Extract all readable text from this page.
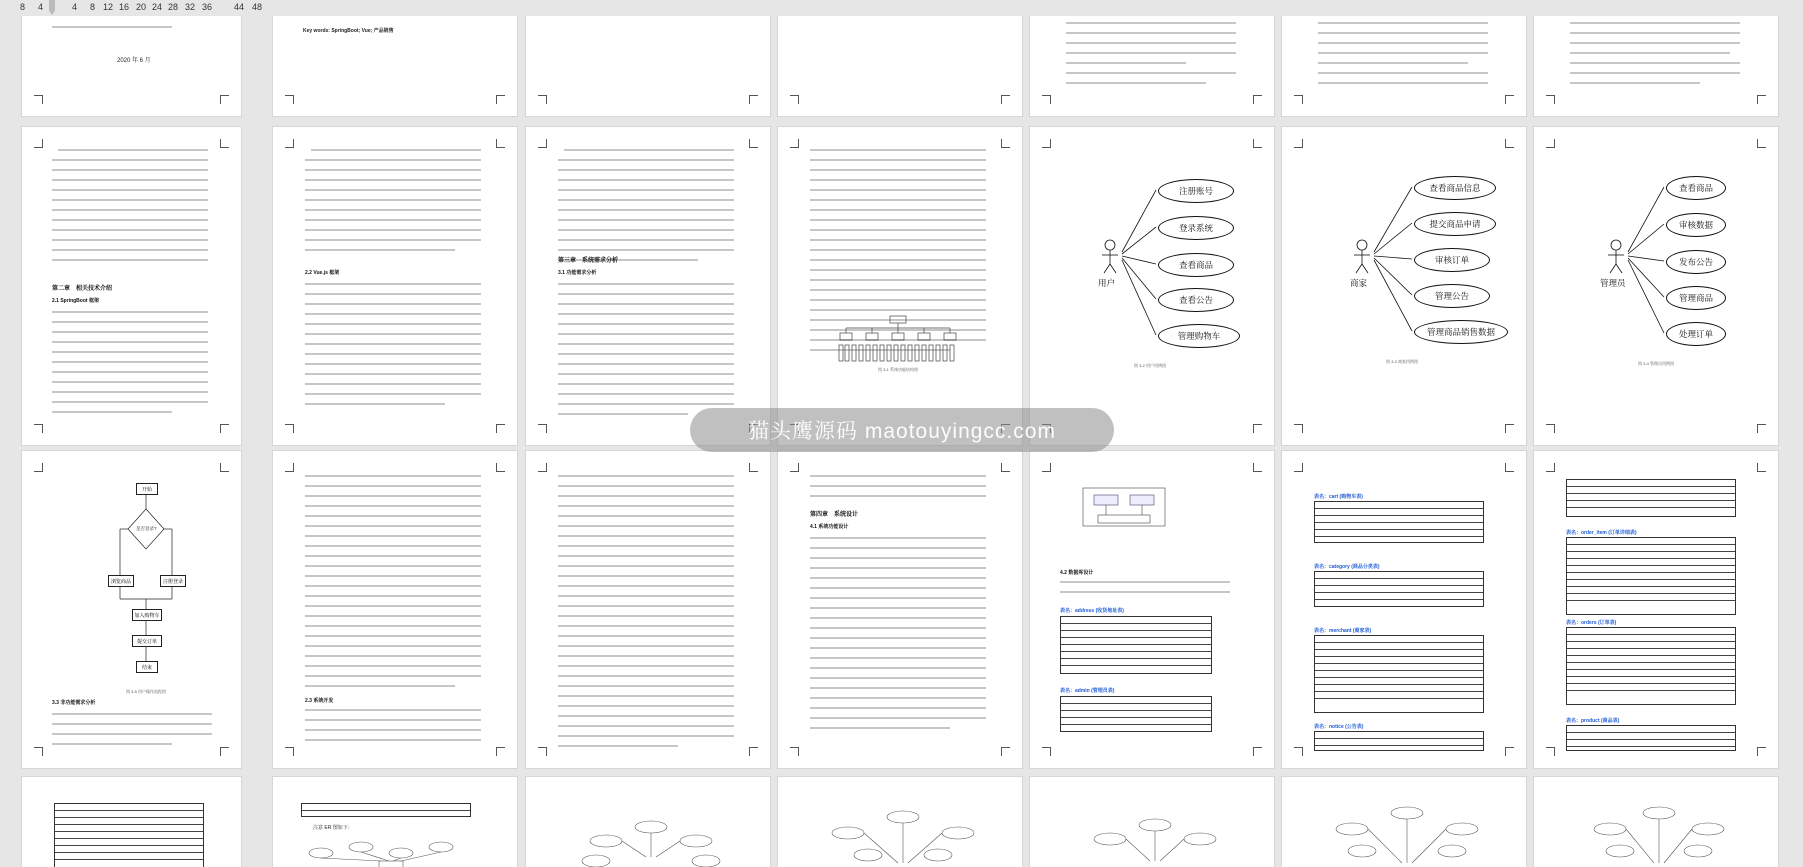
8 4	4 8 12 16 20 24 28 32 36 44 48
2020 年 6 月
Key words: SpringBoot; Vue; 产品销售
第二章　相关技术介绍
2.1 SpringBoot 框架
2.2 Vue.js 框架
第三章　系统需求分析
3.1 功能需求分析
图 3-1 系统功能结构图
用户
注册账号
登录系统
查看商品
查看公告
管理购物车
图 3-2 用户用例图
商家
查看商品信息
提交商品申请
审核订单
管理公告
管理商品销售数据
图 3-3 商家用例图
管理员
查看商品
审核数据
发布公告
管理商品
处理订单
图 3-4 管理员用例图
开始
是否登录?
浏览商品	注册登录
加入购物车
提交订单
结束
图 3-5 用户操作流程图
3.3 非功能需求分析	2.3 系统开发
第四章　系统设计
4.1 系统功能设计
4.2 数据库设计
表名：address (收货地址表)
表名：admin (管理员表)
表名：cart (购物车表)
表名：category (商品分类表)
表名：merchant (商家表)
表名：notice (公告表)
表名：order_item (订单详细表)
表名：orders (订单表)
表名：product (商品表)
注意 ER 图如下：
猫头鹰源码 maotouyingcc.com
